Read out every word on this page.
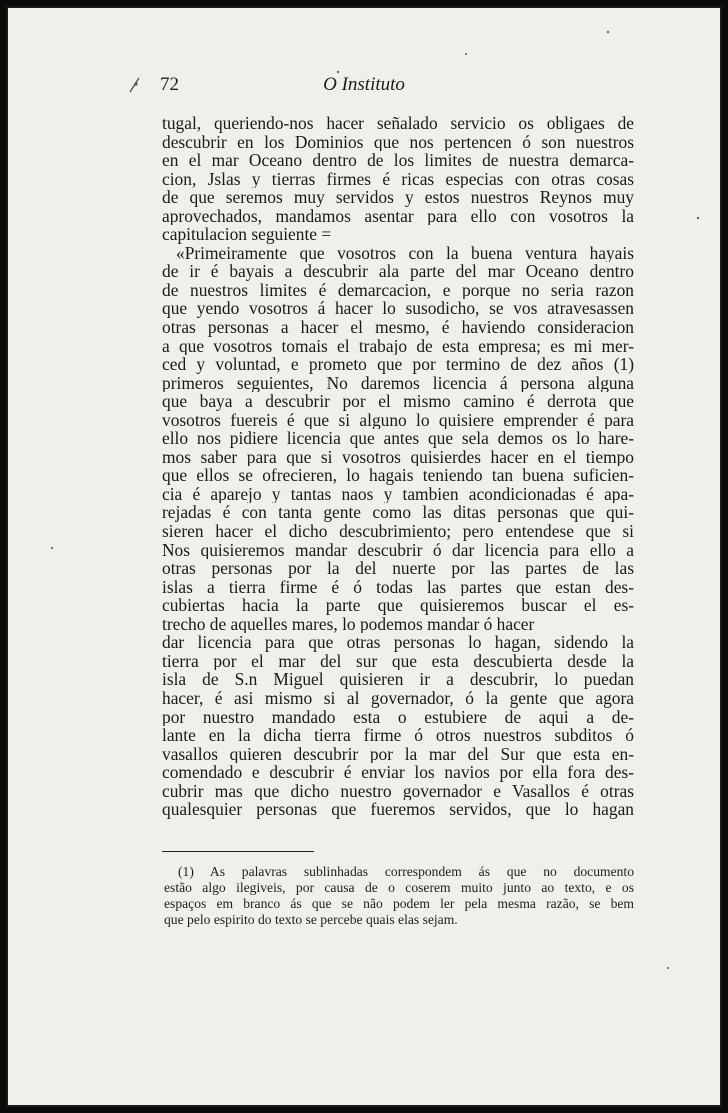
72	O Instituto
tugal, queriendo-nos hacer señalado servicio os obligaes de
descubrir en los Dominios que nos pertencen ó son nuestros
en el mar Oceano dentro de los limites de nuestra demarca-
cion, Jslas y tierras firmes é ricas especias con otras cosas
de que seremos muy servidos y estos nuestros Reynos muy
aprovechados, mandamos asentar para ello con vosotros la
capitulacion seguiente =
«Primeiramente que vosotros con la buena ventura hayais
de ir é bayais a descubrir ala parte del mar Oceano dentro
de nuestros limites é demarcacion, e porque no seria razon
que yendo vosotros á hacer lo susodicho, se vos atravesassen
otras personas a hacer el mesmo, é haviendo consideracion
a que vosotros tomais el trabajo de esta empresa; es mi mer-
ced y voluntad, e prometo que por termino de dez años (1)
primeros seguientes, No daremos licencia á persona alguna
que baya a descubrir por el mismo camino é derrota que
vosotros fuereis é que si alguno lo quisiere emprender é para
ello nos pidiere licencia que antes que sela demos os lo hare-
mos saber para que si vosotros quisierdes hacer en el tiempo
que ellos se ofrecieren, lo hagais teniendo tan buena suficien-
cia é aparejo y tantas naos y tambien acondicionadas é apa-
rejadas é con tanta gente como las ditas personas que qui-
sieren hacer el dicho descubrimiento; pero entendese que si
Nos quisieremos mandar descubrir ó dar licencia para ello a
otras personas por la del nuerte por las partes de las
islas a tierra firme é ó todas las partes que estan des-
cubiertas hacia la parte que quisieremos buscar el es-
trecho de aquelles mares, lo podemos mandar ó hacer
dar licencia para que otras personas lo hagan, sidendo la
tierra por el mar del sur que esta descubierta desde la
isla de S.n Miguel quisieren ir a descubrir, lo puedan
hacer, é asi mismo si al governador, ó la gente que agora
por nuestro mandado esta o estubiere de aqui a de-
lante en la dicha tierra firme ó otros nuestros subditos ó
vasallos quieren descubrir por la mar del Sur que esta en-
comendado e descubrir é enviar los navios por ella fora des-
cubrir mas que dicho nuestro governador e Vasallos é otras
qualesquier personas que fueremos servidos, que lo hagan
(1) As palavras sublinhadas correspondem ás que no documento
estão algo ilegiveis, por causa de o coserem muito junto ao texto, e os
espaços em branco ás que se não podem ler pela mesma razão, se bem
que pelo espirito do texto se percebe quais elas sejam.
